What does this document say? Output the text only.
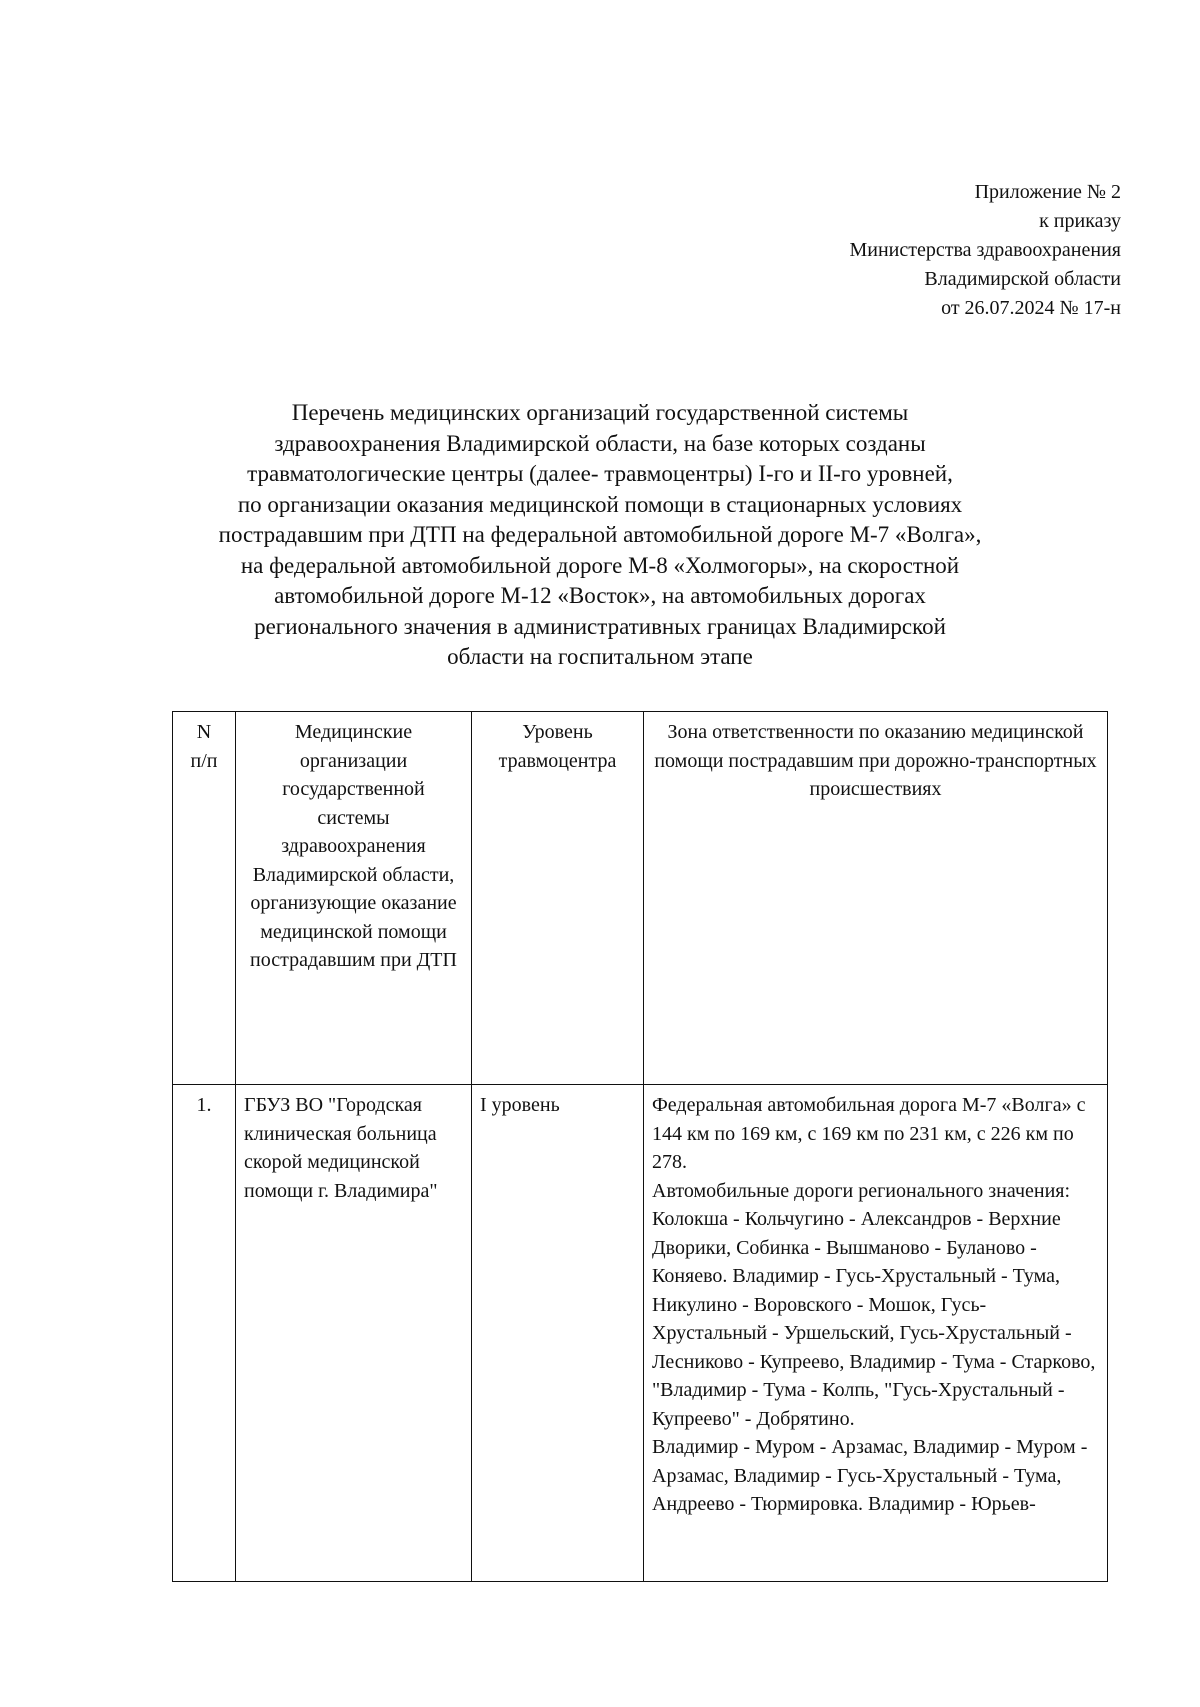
Приложение № 2
к приказу
Министерства здравоохранения
Владимирской области
от 26.07.2024 № 17-н
Перечень медицинских организаций государственной системы
здравоохранения Владимирской области, на базе которых созданы
травматологические центры (далее- травмоцентры) I-го и II-го уровней,
по организации оказания медицинской помощи в стационарных условиях
пострадавшим при ДТП на федеральной автомобильной дороге М-7 «Волга»,
на федеральной автомобильной дороге М-8 «Холмогоры», на скоростной
автомобильной дороге М-12 «Восток», на автомобильных дорогах
регионального значения в административных границах Владимирской
области на госпитальном этапе
N
п/п	Медицинские организации государственной системы здравоохранения Владимирской области, организующие оказание медицинской помощи пострадавшим при ДТП	Уровень травмоцентра	Зона ответственности по оказанию медицинской помощи пострадавшим при дорожно-транспортных происшествиях
1.	ГБУЗ ВО "Городская клиническая больница скорой медицинской помощи г. Владимира"	I уровень	Федеральная автомобильная дорога М-7 «Волга» с 144 км по 169 км, с 169 км по 231 км, с 226 км по 278.
Автомобильные дороги регионального значения: Колокша - Кольчугино - Александров - Верхние Дворики, Собинка - Вышманово - Буланово - Коняево. Владимир - Гусь-Хрустальный - Тума, Никулино - Воровского - Мошок, Гусь-Хрустальный - Уршельский, Гусь-Хрустальный - Лесниково - Купреево, Владимир - Тума - Старково, "Владимир - Тума - Колпь, "Гусь-Хрустальный - Купреево" - Добрятино.
Владимир - Муром - Арзамас, Владимир - Муром - Арзамас, Владимир - Гусь-Хрустальный - Тума, Андреево - Тюрмировка. Владимир - Юрьев-
